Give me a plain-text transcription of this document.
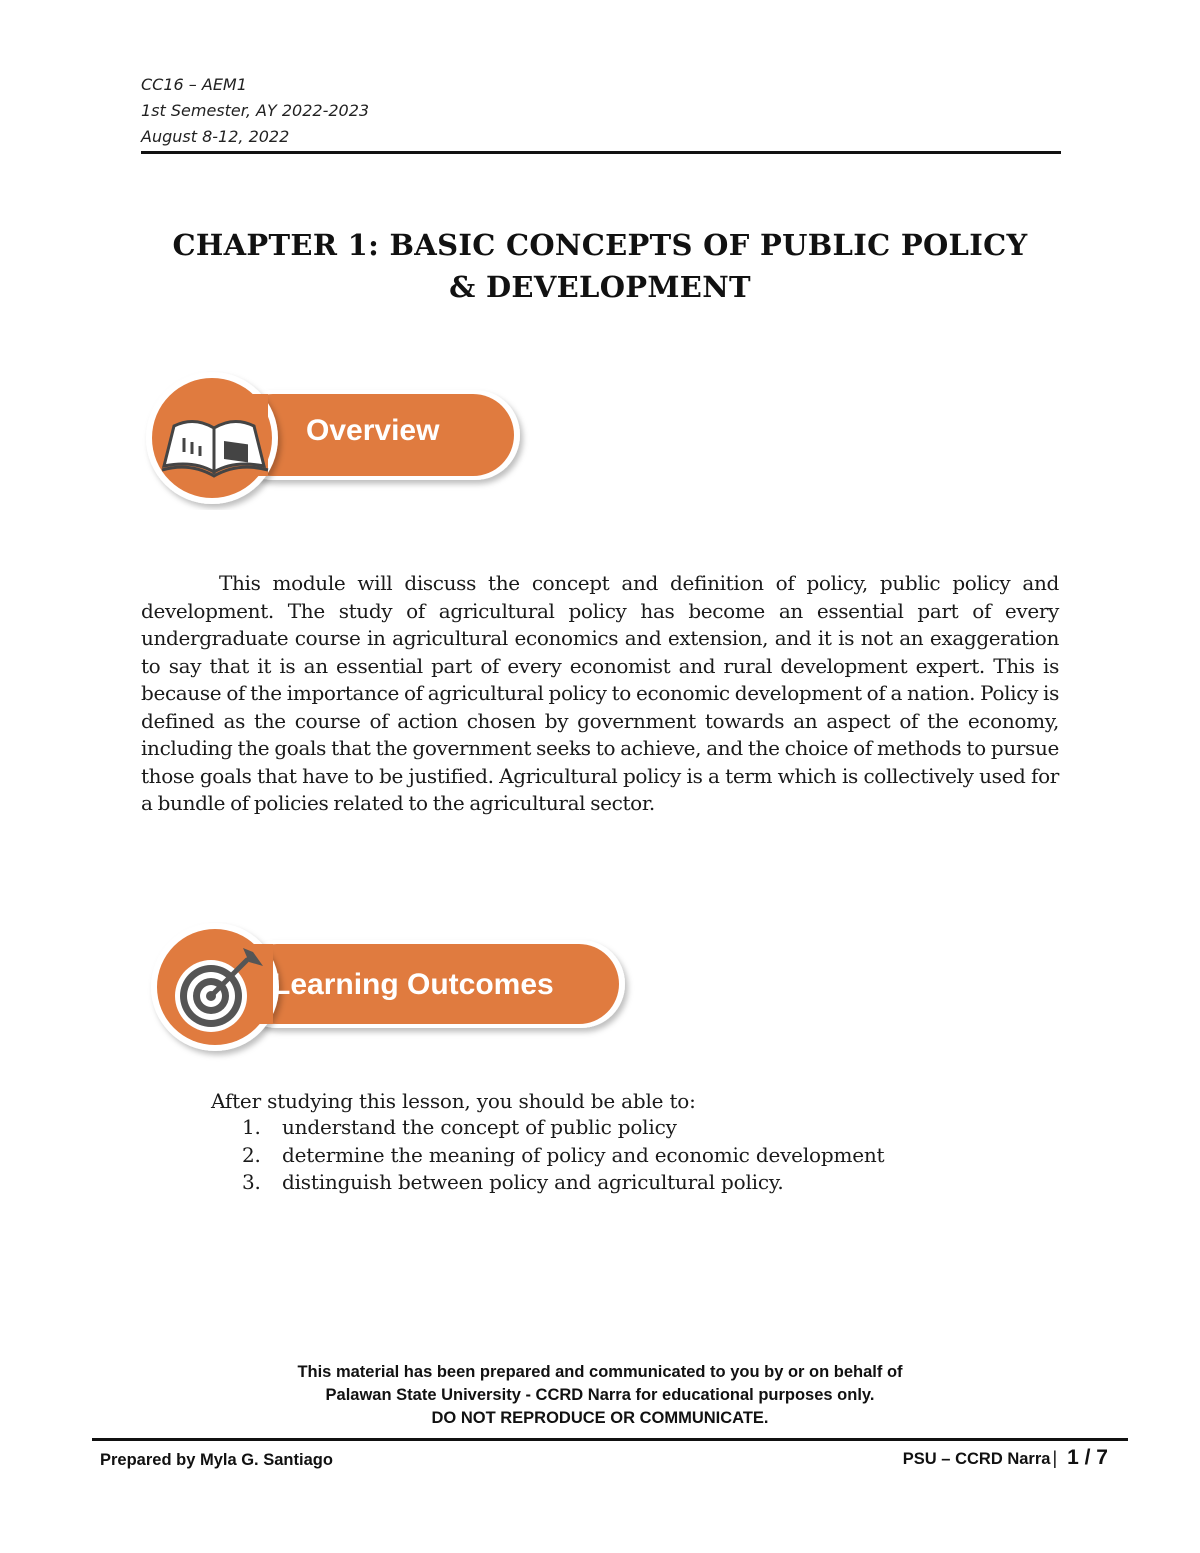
CC16 – AEM1
1st Semester, AY 2022-2023
August 8-12, 2022
CHAPTER 1: BASIC CONCEPTS OF PUBLIC POLICY
& DEVELOPMENT
Overview

This module will discuss the concept and definition of policy, public policy and development. The study of agricultural policy has become an essential part of every undergraduate course in agricultural economics and extension, and it is not an exaggeration to say that it is an essential part of every economist and rural development expert. This is because of the importance of agricultural policy to economic development of a nation. Policy is defined as the course of action chosen by government towards an aspect of the economy, including the goals that the government seeks to achieve, and the choice of methods to pursue those goals that have to be justified. Agricultural policy is a term which is collectively used for a bundle of policies related to the agricultural sector.

Learning Outcomes
After studying this lesson, you should be able to:
1.	understand the concept of public policy
2.	determine the meaning of policy and economic development
3.	distinguish between policy and agricultural policy.
This material has been prepared and communicated to you by or on behalf of
Palawan State University - CCRD Narra for educational purposes only.
DO NOT REPRODUCE OR COMMUNICATE.
Prepared by Myla G. Santiago	PSU – CCRD Narra | 1 / 7
